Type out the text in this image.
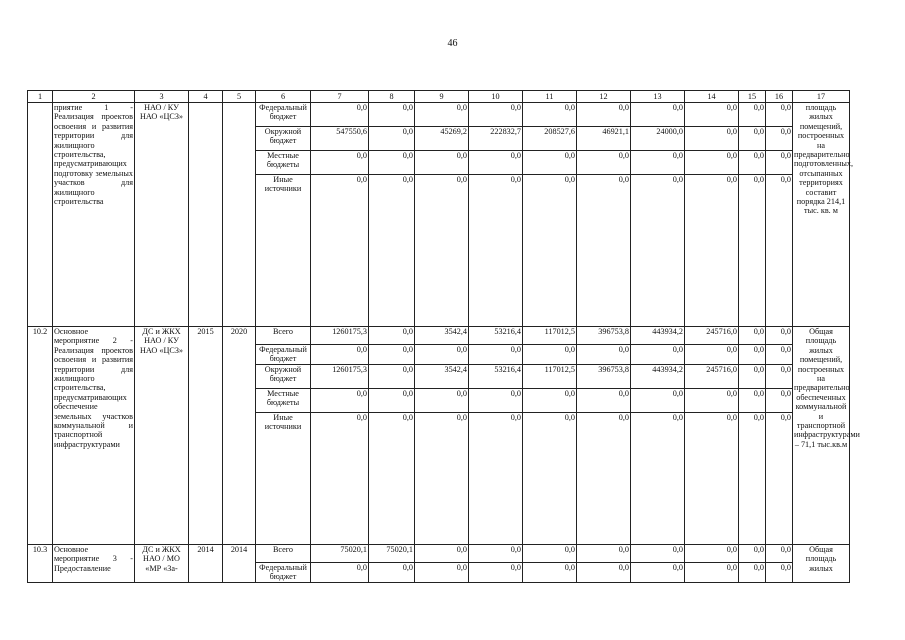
46
1	2	3	4	5	6	7	8	9	10	11	12	13	14	15	16	17
	приятие 1 - Реализация проектов освоения и развития территории для жилищного строительства, предусматривающих подготовку земельных участков для жилищного строительства	НАО / КУ НАО «ЦСЗ»			Федеральный бюджет	0,0	0,0	0,0	0,0	0,0	0,0	0,0	0,0	0,0	0,0	площадь жилых помещений, построенных на предварительно подготовленных, отсыпанных территориях составит порядка 214,1 тыс. кв. м
					Окружной бюджет	547550,6	0,0	45269,2	222832,7	208527,6	46921,1	24000,0	0,0	0,0	0,0	
					Местные бюджеты	0,0	0,0	0,0	0,0	0,0	0,0	0,0	0,0	0,0	0,0	
					Иные источники	0,0	0,0	0,0	0,0	0,0	0,0	0,0	0,0	0,0	0,0	
10.2	Основное мероприятие 2 - Реализация проектов освоения и развития территории для жилищного строительства, предусматривающих обеспечение земельных участков коммунальной и транспортной инфраструктурами	ДС и ЖКХ НАО / КУ НАО «ЦСЗ»	2015	2020	Всего	1260175,3	0,0	3542,4	53216,4	117012,5	396753,8	443934,2	245716,0	0,0	0,0	Общая площадь жилых помещений, построенных на предварительно обеспеченных коммунальной и транспортной инфраструктурами – 71,1 тыс.кв.м
					Федеральный бюджет	0,0	0,0	0,0	0,0	0,0	0,0	0,0	0,0	0,0	0,0	
					Окружной бюджет	1260175,3	0,0	3542,4	53216,4	117012,5	396753,8	443934,2	245716,0	0,0	0,0	
					Местные бюджеты	0,0	0,0	0,0	0,0	0,0	0,0	0,0	0,0	0,0	0,0	
					Иные источники	0,0	0,0	0,0	0,0	0,0	0,0	0,0	0,0	0,0	0,0	
10.3	Основное мероприятие 3 - Предоставление	ДС и ЖКХ НАО / МО «МР «За-	2014	2014	Всего	75020,1	75020,1	0,0	0,0	0,0	0,0	0,0	0,0	0,0	0,0	Общая площадь жилых
					Федеральный бюджет	0,0	0,0	0,0	0,0	0,0	0,0	0,0	0,0	0,0	0,0	
